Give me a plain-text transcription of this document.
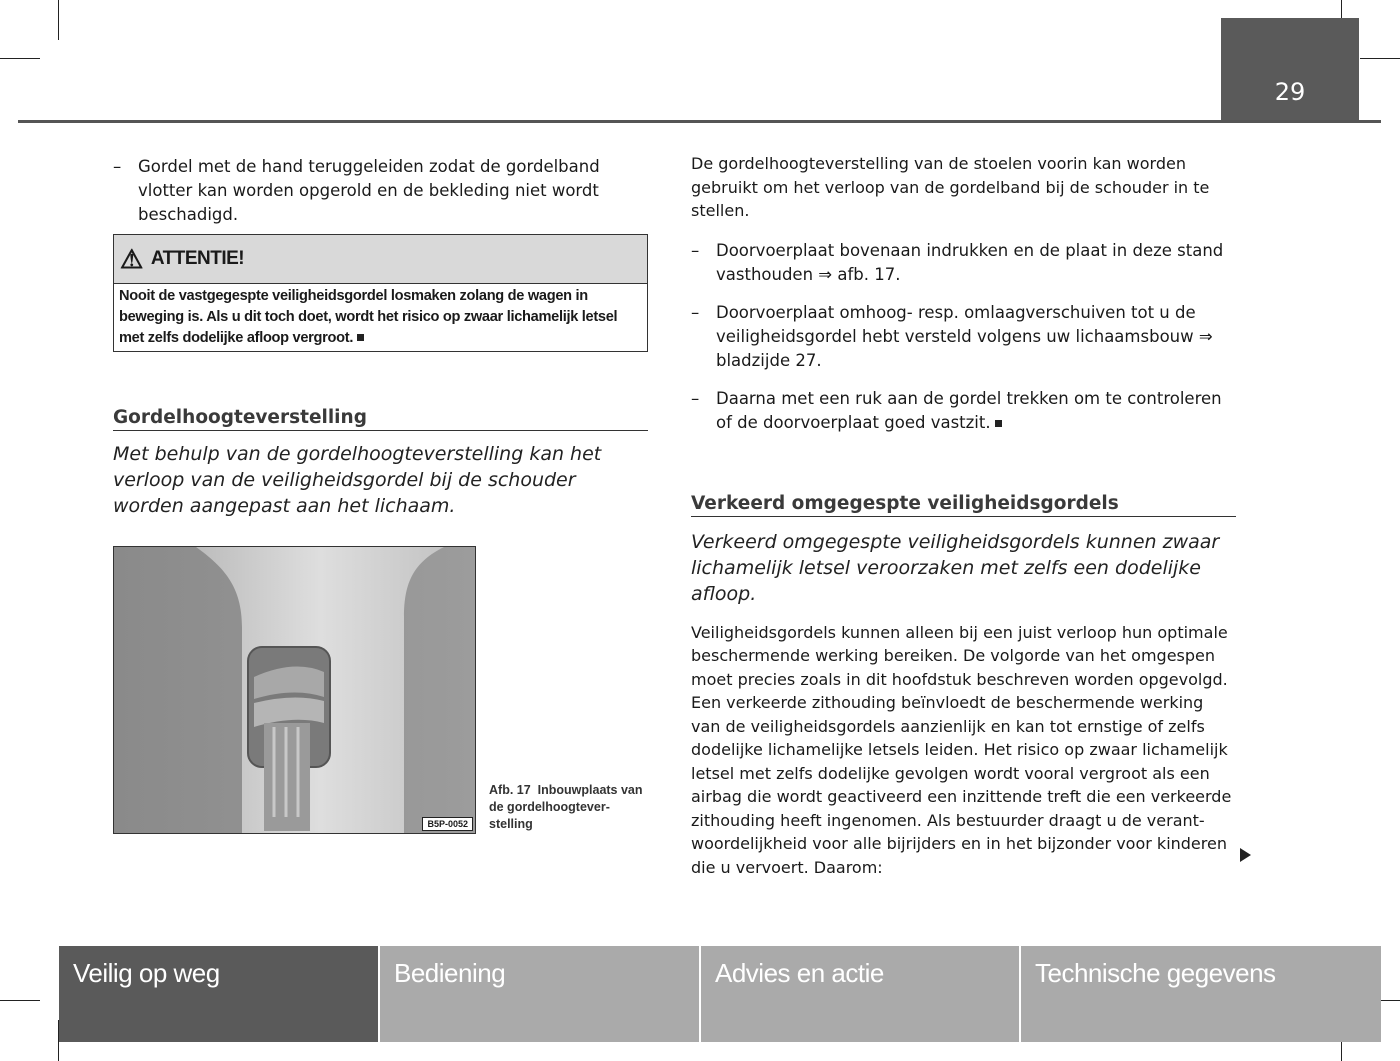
29
– Gordel met de hand teruggeleiden zodat de gordelband vlotter kan worden opgerold en de bekleding niet wordt beschadigd.
⚠ ATTENTIE!
Nooit de vastgegespte veiligheidsgordel losmaken zolang de wagen in beweging is. Als u dit toch doet, wordt het risico op zwaar lichamelijk letsel met zelfs dodelijke afloop vergroot.
Gordelhoogteverstelling
Met behulp van de gordelhoogteverstelling kan het verloop van de veiligheidsgordel bij de schouder worden aangepast aan het lichaam.
B5P-0052
Afb. 17 Inbouwplaats van de gordelhoogteverstelling
De gordelhoogteverstelling van de stoelen voorin kan worden gebruikt om het verloop van de gordelband bij de schouder in te stellen.
– Doorvoerplaat bovenaan indrukken en de plaat in deze stand vasthouden ⇒ afb. 17.
– Doorvoerplaat omhoog- resp. omlaagverschuiven tot u de veiligheidsgordel hebt versteld volgens uw lichaamsbouw ⇒ bladzijde 27.
– Daarna met een ruk aan de gordel trekken om te controleren of de doorvoerplaat goed vastzit.
Verkeerd omgegespte veiligheidsgordels
Verkeerd omgegespte veiligheidsgordels kunnen zwaar lichamelijk letsel veroorzaken met zelfs een dodelijke afloop.
Veiligheidsgordels kunnen alleen bij een juist verloop hun optimale beschermende werking bereiken. De volgorde van het omgespen moet precies zoals in dit hoofdstuk beschreven worden opgevolgd. Een verkeerde zithouding beïnvloedt de beschermende werking van de veiligheidsgordels aanzienlijk en kan tot ernstige of zelfs dodelijke lichamelijke letsels leiden. Het risico op zwaar lichamelijk letsel met zelfs dodelijke gevolgen wordt vooral vergroot als een airbag die wordt geactiveerd een inzittende treft die een verkeerde zithouding heeft ingenomen. Als bestuurder draagt u de verantwoordelijkheid voor alle bijrijders en in het bijzonder voor kinderen die u vervoert. Daarom:
Veilig op weg	Bediening	Advies en actie	Technische gegevens
